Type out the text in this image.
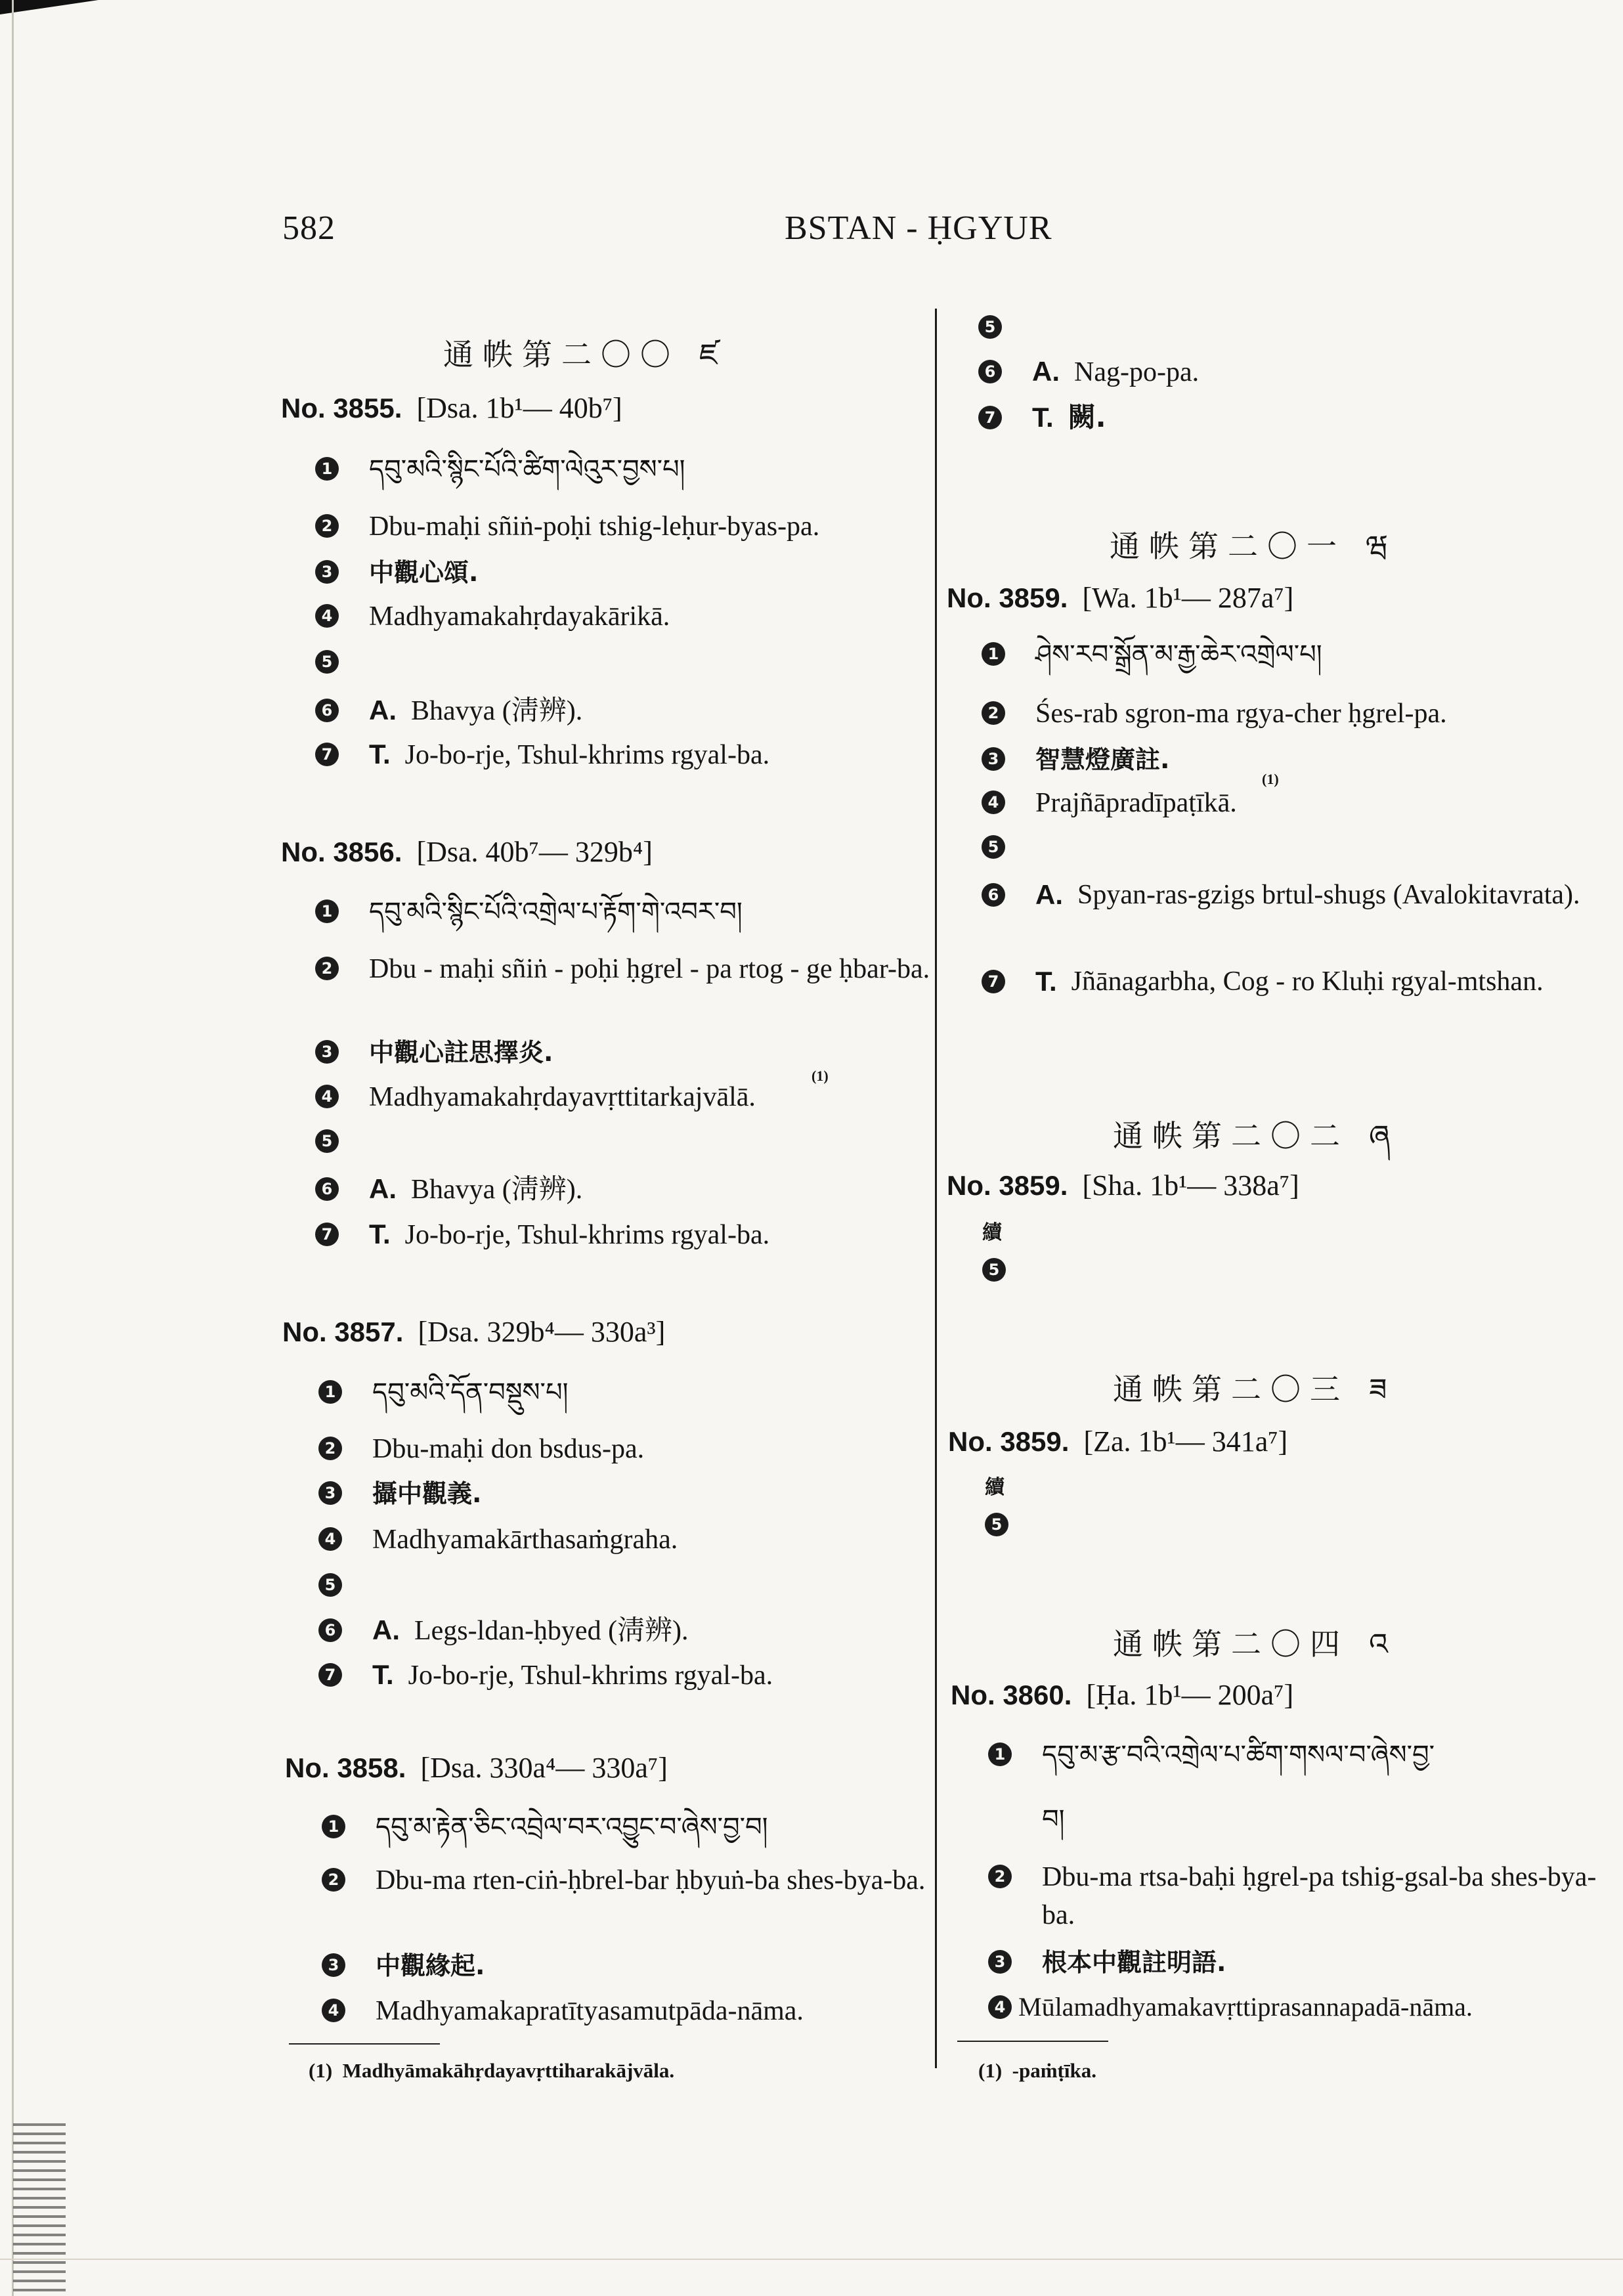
582	BSTAN - ḤGYUR
通帙第二〇〇 ཛ
No. 3855. [Dsa. 1b¹— 40b⁷]
1 དབུ་མའི་སྙིང་པོའི་ཚིག་ལེའུར་བྱས་པ།
2 Dbu-maḥi sñiṅ-poḥi tshig-leḥur-byas-pa.
3 中觀心頌.
4 Madhyamakahṛdayakārikā.
5
6 A. Bhavya (淸辨).
7 T. Jo-bo-rje, Tshul-khrims rgyal-ba.
No. 3856. [Dsa. 40b⁷— 329b⁴]
1 དབུ་མའི་སྙིང་པོའི་འགྲེལ་པ་རྟོག་གེ་འབར་བ།
2 Dbu - maḥi sñiṅ - poḥi ḥgrel - pa rtog - ge ḥbar-ba.
3 中觀心註思擇炎.
4 Madhyamakahṛdayavṛttitarkajvālā.
(1)
5
6 A. Bhavya (淸辨).
7 T. Jo-bo-rje, Tshul-khrims rgyal-ba.
No. 3857. [Dsa. 329b⁴— 330a³]
1 དབུ་མའི་དོན་བསྡུས་པ།
2 Dbu-maḥi don bsdus-pa.
3 攝中觀義.
4 Madhyamakārthasaṁgraha.
5
6 A. Legs-ldan-ḥbyed (淸辨).
7 T. Jo-bo-rje, Tshul-khrims rgyal-ba.
No. 3858. [Dsa. 330a⁴— 330a⁷]
1 དབུ་མ་རྟེན་ཅིང་འབྲེལ་བར་འབྱུང་བ་ཞེས་བྱ་བ།
2 Dbu-ma rten-ciṅ-ḥbrel-bar ḥbyuṅ-ba shes-bya-ba.
3 中觀緣起.
4 Madhyamakapratītyasamutpāda-nāma.
(1) Madhyāmakāhṛdayavṛttiharakājvāla.
5
6 A. Nag-po-pa.
7 T. 闕.
通帙第二〇一 ཝ
No. 3859. [Wa. 1b¹— 287a⁷]
1 ཤེས་རབ་སྒྲོན་མ་རྒྱ་ཆེར་འགྲེལ་པ།
2 Śes-rab sgron-ma rgya-cher ḥgrel-pa.
3 智慧燈廣註.
4 Prajñāpradīpaṭīkā.
(1)
5
6 A. Spyan-ras-gzigs brtul-shugs (Avalokitavrata).
7 T. Jñānagarbha, Cog - ro Kluḥi rgyal-mtshan.
通帙第二〇二 ཞ
No. 3859. [Sha. 1b¹— 338a⁷]
續
5
通帙第二〇三 ཟ
No. 3859. [Za. 1b¹— 341a⁷]
續
5
通帙第二〇四 འ
No. 3860. [Ḥa. 1b¹— 200a⁷]
1 དབུ་མ་རྩ་བའི་འགྲེལ་པ་ཚིག་གསལ་བ་ཞེས་བྱ་
བ།
2 Dbu-ma rtsa-baḥi ḥgrel-pa tshig-gsal-ba shes-bya-ba.
3 根本中觀註明語.
4 Mūlamadhyamakavṛttiprasannapadā-nāma.
(1) -paṁṭīka.
